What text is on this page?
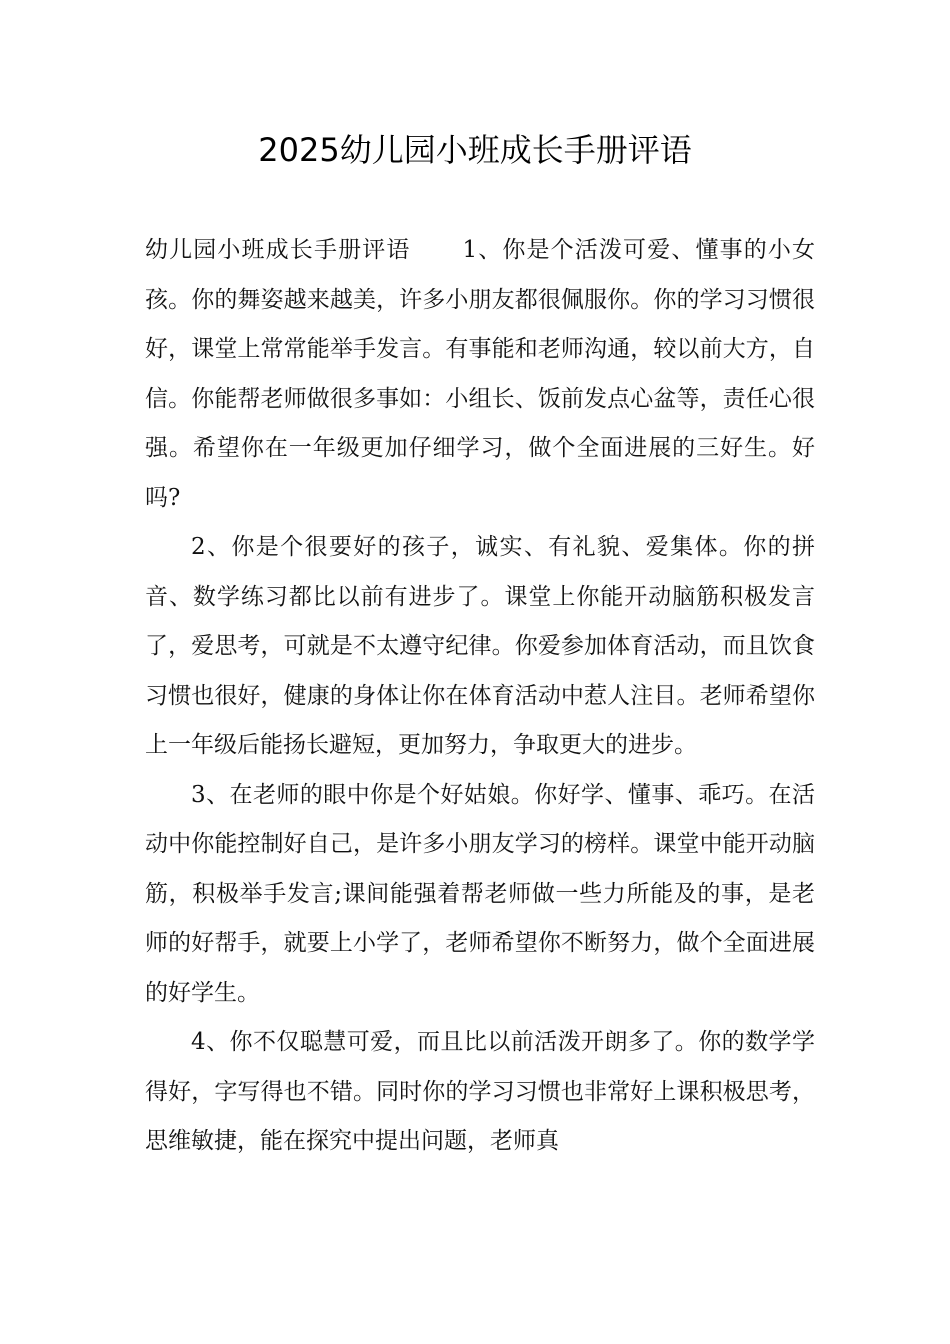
2025幼儿园小班成长手册评语

幼儿园小班成长手册评语 1、你是个活泼可爱、懂事的小女孩。你的舞姿越来越美，许多小朋友都很佩服你。你的学习习惯很好，课堂上常常能举手发言。有事能和老师沟通，较以前大方，自信。你能帮老师做很多事如：小组长、饭前发点心盆等，责任心很强。希望你在一年级更加仔细学习，做个全面进展的三好生。好吗?

2、你是个很要好的孩子，诚实、有礼貌、爱集体。你的拼音、数学练习都比以前有进步了。课堂上你能开动脑筋积极发言了，爱思考，可就是不太遵守纪律。你爱参加体育活动，而且饮食习惯也很好，健康的身体让你在体育活动中惹人注目。老师希望你上一年级后能扬长避短，更加努力，争取更大的进步。

3、在老师的眼中你是个好姑娘。你好学、懂事、乖巧。在活动中你能控制好自己，是许多小朋友学习的榜样。课堂中能开动脑筋，积极举手发言;课间能强着帮老师做一些力所能及的事，是老师的好帮手，就要上小学了，老师希望你不断努力，做个全面进展的好学生。

4、你不仅聪慧可爱，而且比以前活泼开朗多了。你的数学学得好，字写得也不错。同时你的学习习惯也非常好上课积极思考，思维敏捷，能在探究中提出问题，老师真
